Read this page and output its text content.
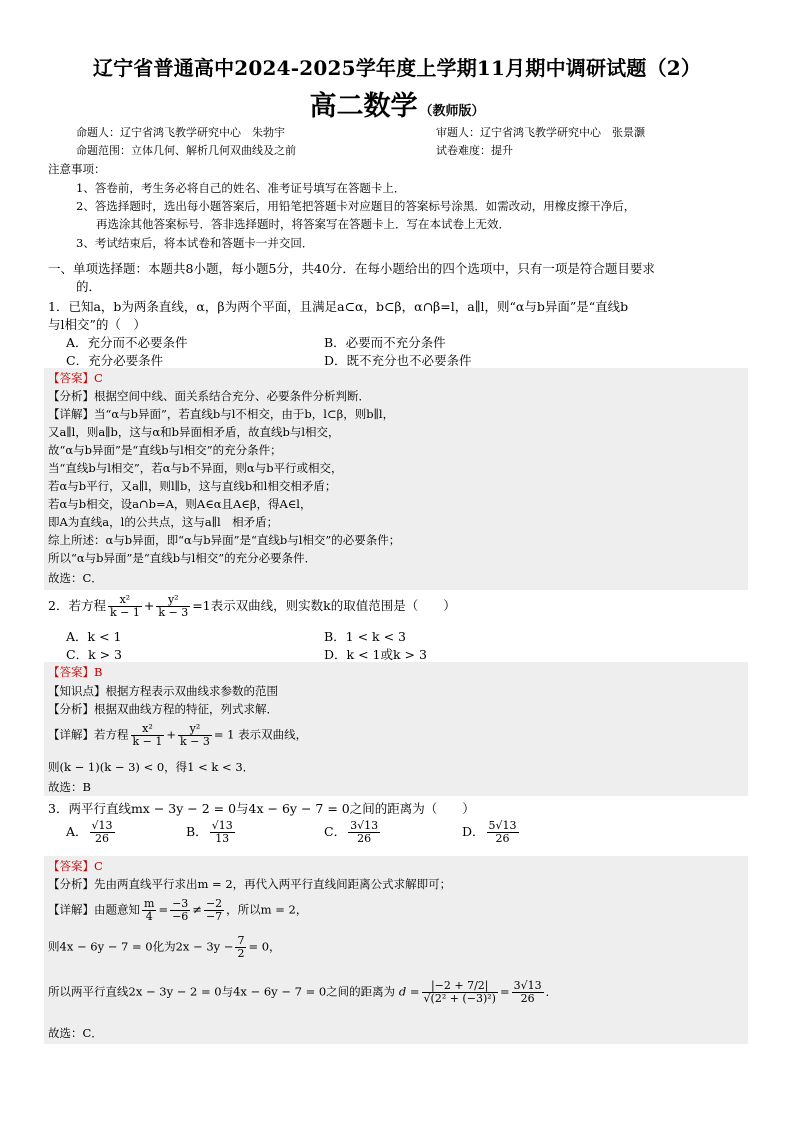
辽宁省普通高中2024-2025学年度上学期11月期中调研试题（2）
高二数学 （教师版）
命题人：辽宁省鸿飞教学研究中心　朱勃宇	审题人：辽宁省鸿飞教学研究中心　张景灏
命题范围：立体几何、解析几何双曲线及之前	试卷难度：提升
注意事项：
1、答卷前，考生务必将自己的姓名、准考证号填写在答题卡上．
2、答选择题时，选出每小题答案后，用铅笔把答题卡对应题目的答案标号涂黑．如需改动，用橡皮擦干净后，
再选涂其他答案标号．答非选择题时，将答案写在答题卡上．写在本试卷上无效．
3、考试结束后，将本试卷和答题卡一并交回．
一、单项选择题：本题共8小题，每小题5分，共40分．在每小题给出的四个选项中，只有一项是符合题目要求
的．
1．已知a，b为两条直线，α，β为两个平面，且满足a⊂α，b⊂β，α∩β=l，a∥l，则“α与b异面”是“直线b
与l相交”的（　）
A．充分而不必要条件	B．必要而不充分条件
C．充分必要条件	D．既不充分也不必要条件
【答案】C
【分析】根据空间中线、面关系结合充分、必要条件分析判断．
【详解】当“α与b异面”，若直线b与l不相交，由于b，l⊂β，则b∥l，
又a∥l，则a∥b，这与α和b异面相矛盾，故直线b与l相交，
故“α与b异面”是“直线b与l相交”的充分条件；
当“直线b与l相交”，若α与b不异面，则α与b平行或相交，
若α与b平行，又a∥l，则l∥b，这与直线b和l相交相矛盾；
若α与b相交，设a∩b=A，则A∈α且A∈β，得A∈l，
即A为直线a，l的公共点，这与a∥l　相矛盾；
综上所述：α与b异面，即“α与b异面”是“直线b与l相交”的必要条件；
所以“α与b异面”是“直线b与l相交”的充分必要条件．
故选：C．
2．若方程 $\frac{\text{x²}}{k - 1} + \frac{\text{y²}}{k - 3} =1$表示双曲线，则实数k的取值范围是（　　）
A．k < 1	B．1 < k < 3
C．k > 3	D．k < 1或k > 3
【答案】B
【知识点】根据方程表示双曲线求参数的范围
【分析】根据双曲线方程的特征，列式求解．
【详解】若方程 $\frac{\text{x²}}{k - 1} + \frac{\text{y²}}{k - 3} = 1$ 表示双曲线，
则(k − 1)(k − 3) < 0，得1 < k < 3．
故选：B
3．两平行直线mx − 3y − 2 = 0与4x − 6y − 7 = 0之间的距离为（　　）
A． $\frac{√13}{26}$	B． $\frac{√13}{13}$	C． $\frac{3√13}{26}$	D． $\frac{5√13}{26}$
【答案】C
【分析】先由两直线平行求出m = 2，再代入两平行直线间距离公式求解即可；
【详解】由题意知 $\frac{m}{4} = \frac{-3}{-6} \ne \frac{-2}{-7}$ ，所以m = 2，
则4x − 6y − 7 = 0化为$2x - 3y - \frac{7}{2} = 0$，
所以两平行直线2x − 3y − 2 = 0与4x − 6y − 7 = 0之间的距离为 $d = \frac{|-2 + 7/2|}{\text{√(2² + (−3)²)}} = \frac{3√13}{26}$ ．
故选：C．
